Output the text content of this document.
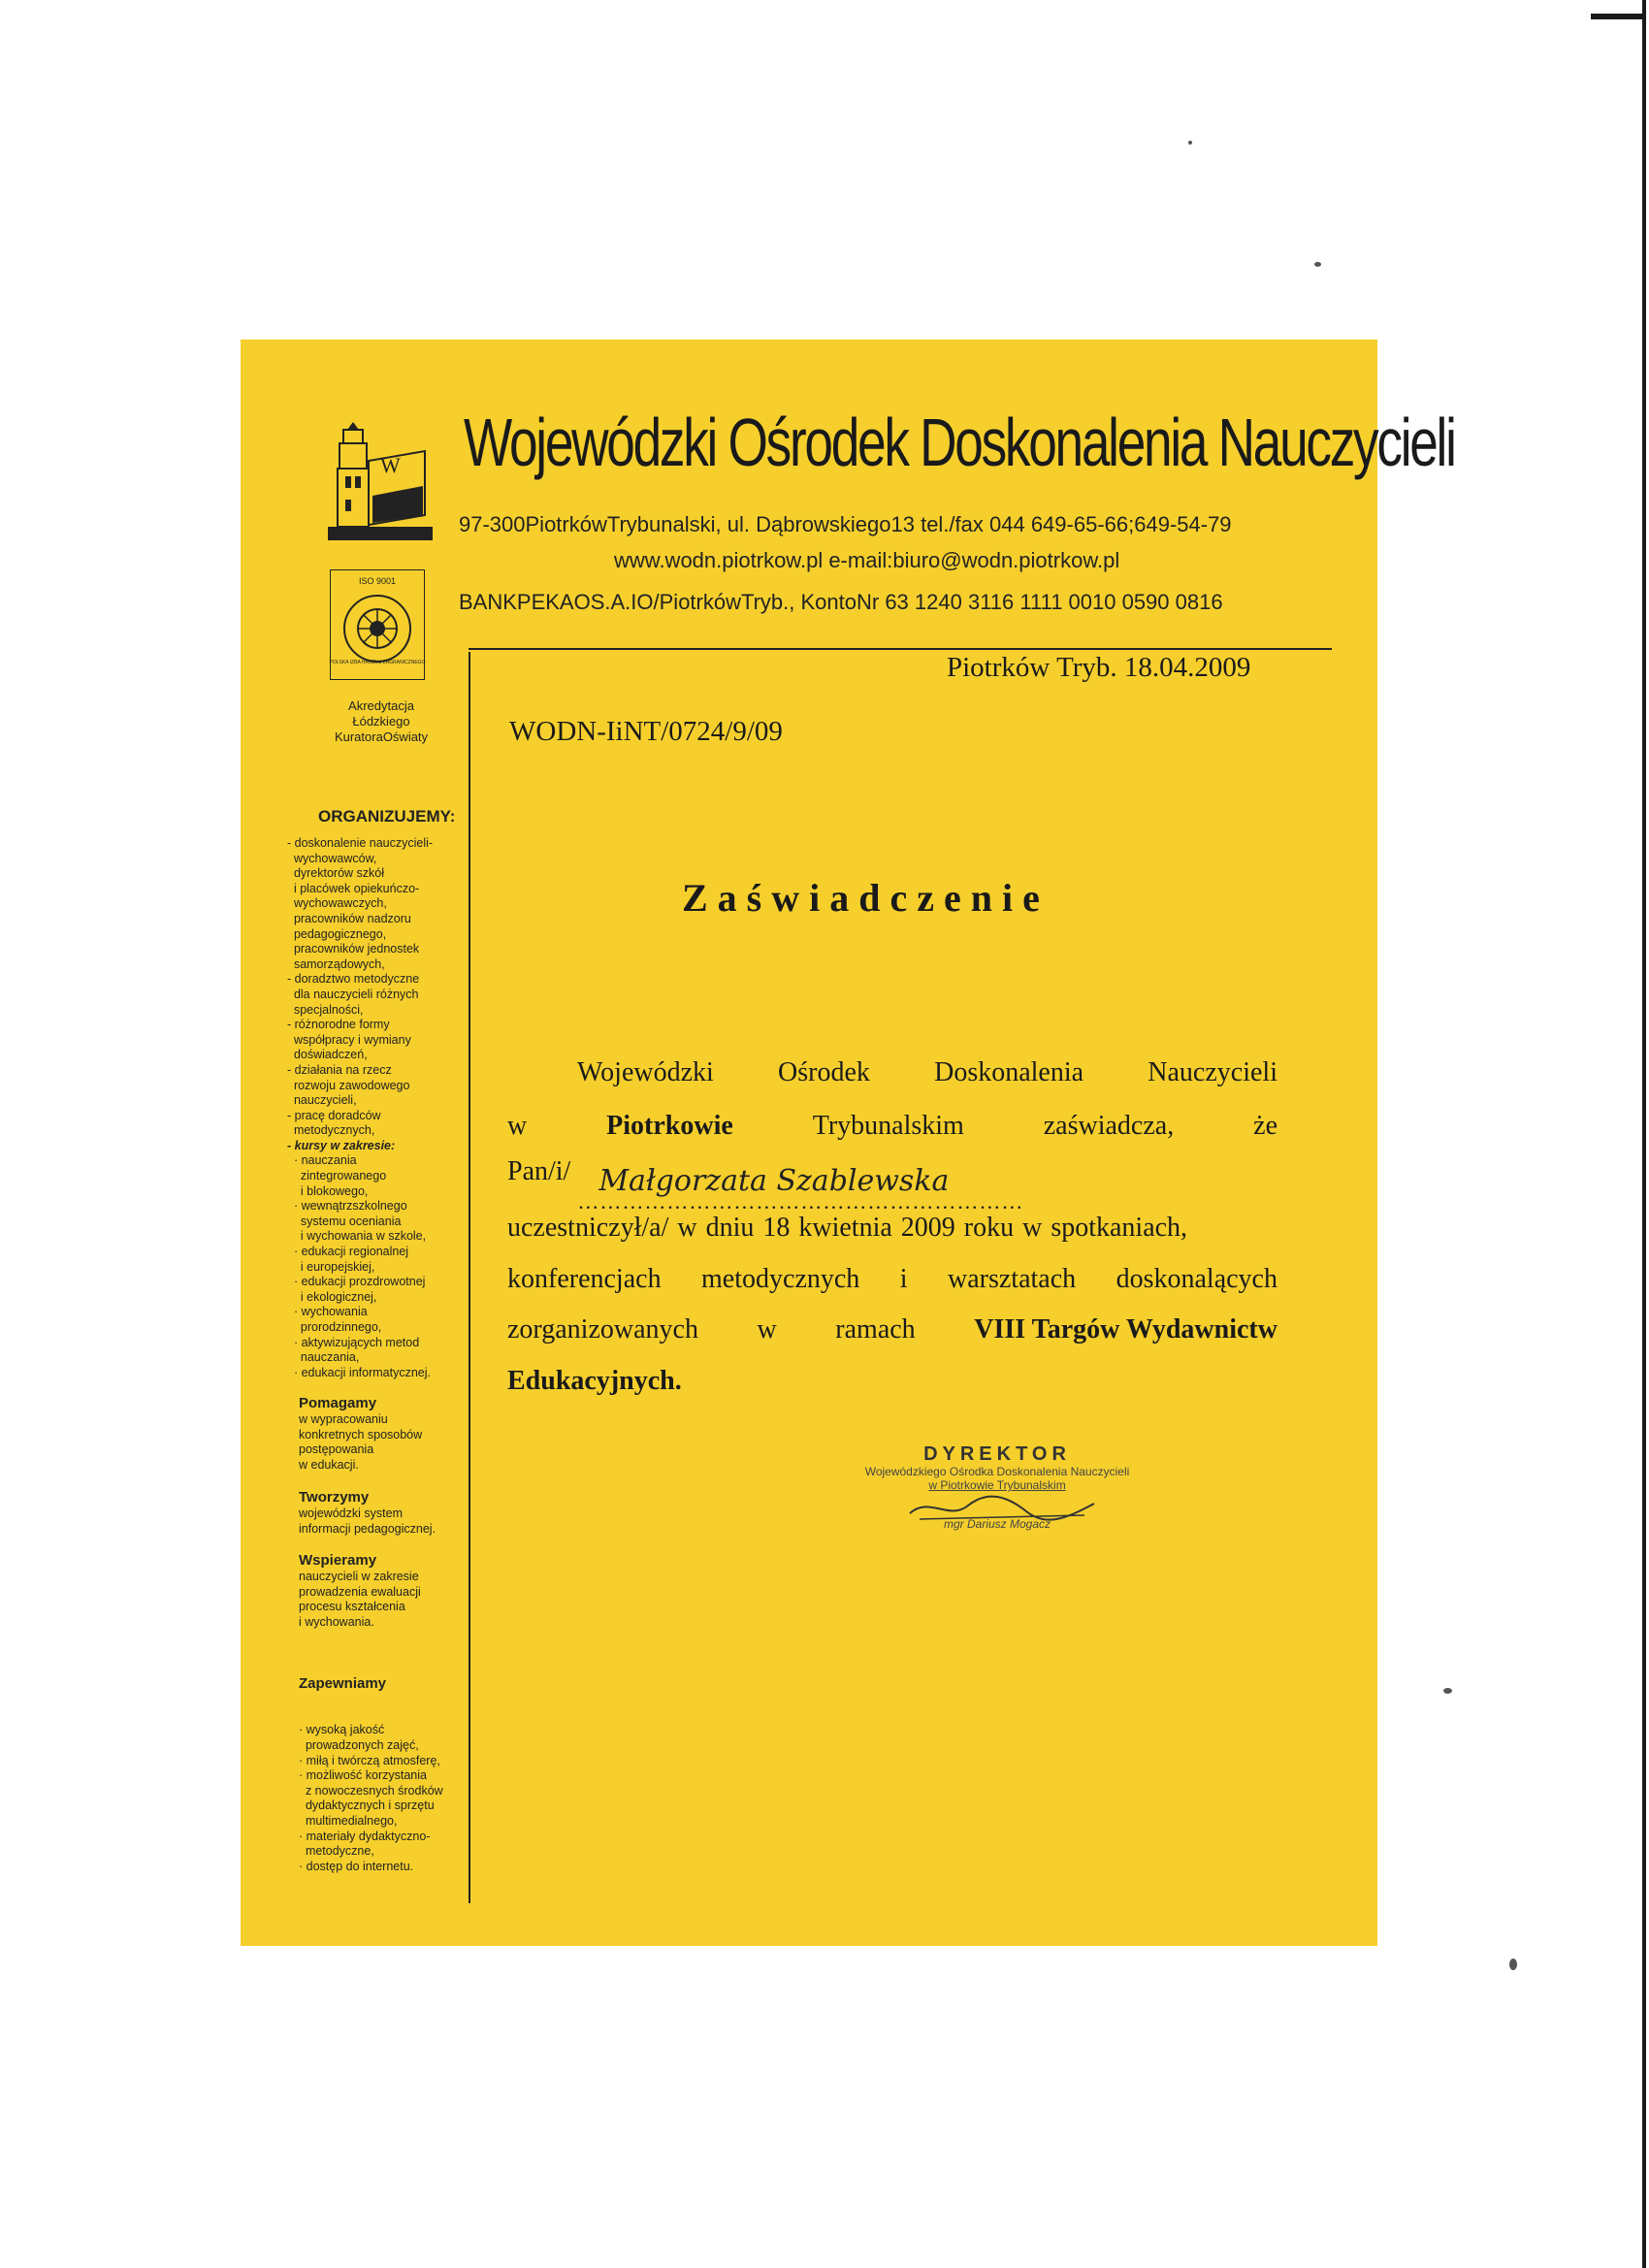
W
ISO 9001
POLSKA IZBA HANDLU ZAGRANICZNEGO
Akredytacja
Łódzkiego
KuratoraOświaty
ORGANIZUJEMY:
- doskonalenie nauczycieli-
wychowawców,
dyrektorów szkół
i placówek opiekuńczo-
wychowawczych,
pracowników nadzoru
pedagogicznego,
pracowników jednostek
samorządowych,
- doradztwo metodyczne
dla nauczycieli różnych
specjalności,
- różnorodne formy
współpracy i wymiany
doświadczeń,
- działania na rzecz
rozwoju zawodowego
nauczycieli,
- pracę doradców
metodycznych,
- kursy w zakresie:
· nauczania
zintegrowanego
i blokowego,
· wewnątrzszkolnego
systemu oceniania
i wychowania w szkole,
· edukacji regionalnej
i europejskiej,
· edukacji prozdrowotnej
i ekologicznej,
· wychowania
prorodzinnego,
· aktywizujących metod
nauczania,
· edukacji informatycznej.
Pomagamy
w wypracowaniu
konkretnych sposobów
postępowania
w edukacji.
Tworzymy
wojewódzki system
informacji pedagogicznej.
Wspieramy
nauczycieli w zakresie
prowadzenia ewaluacji
procesu kształcenia
i wychowania.

Zapewniamy

· wysoką jakość
prowadzonych zajęć,
· miłą i twórczą atmosferę,
· możliwość korzystania
z nowoczesnych środków
dydaktycznych i sprzętu
multimedialnego,
· materiały dydaktyczno-
metodyczne,
· dostęp do internetu.
Wojewódzki Ośrodek Doskonalenia Nauczycieli
97-300PiotrkówTrybunalski, ul. Dąbrowskiego13 tel./fax 044 649-65-66;649-54-79
www.wodn.piotrkow.pl e-mail:biuro@wodn.piotrkow.pl
BANKPEKAOS.A.IO/PiotrkówTryb., KontoNr 63 1240 3116 1111 0010 0590 0816
Piotrków Tryb. 18.04.2009
WODN-IiNT/0724/9/09
Zaświadczenie
Wojewódzki Ośrodek Doskonalenia Nauczycieli
w	Piotrkowie	Trybunalskim	zaświadcza,	że
Pan/i/
……………………………………………………
Małgorzata Szablewska
uczestniczył/a/ w dniu 18 kwietnia 2009 roku w spotkaniach,
konferencjach metodycznych i warsztatach doskonalących
zorganizowanych w ramach VIII Targów Wydawnictw
Edukacyjnych.
DYREKTOR
Wojewódzkiego Ośrodka Doskonalenia Nauczycieli
w Piotrkowie Trybunalskim
mgr Dariusz Mogacz
